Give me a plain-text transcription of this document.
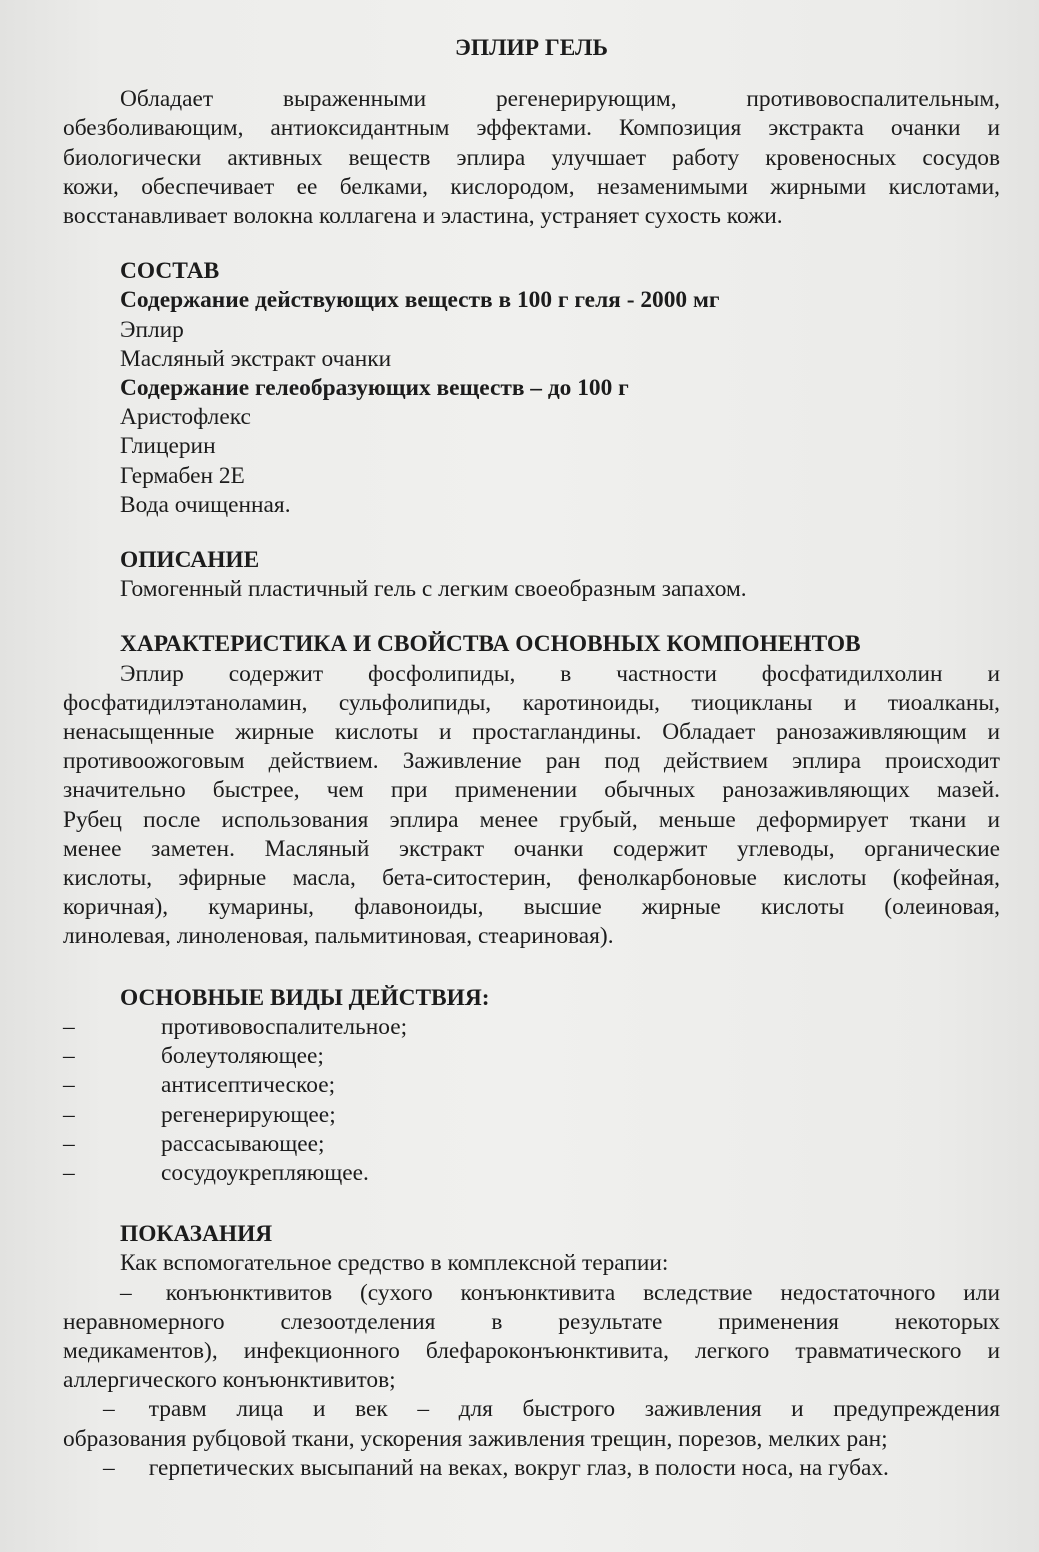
ЭПЛИР ГЕЛЬ

Обладает выраженными регенерирующим, противовоспалительным,

обезболивающим, антиоксидантным эффектами. Композиция экстракта очанки и

биологически активных веществ эплира улучшает работу кровеносных сосудов

кожи, обеспечивает ее белками, кислородом, незаменимыми жирными кислотами,

восстанавливает волокна коллагена и эластина, устраняет сухость кожи.

СОСТАВ

Содержание действующих веществ в 100 г геля - 2000 мг

Эплир

Масляный экстракт очанки

Содержание гелеобразующих веществ – до 100 г

Аристофлекс

Глицерин

Гермабен 2Е

Вода очищенная.

ОПИСАНИЕ

Гомогенный пластичный гель с легким своеобразным запахом.

ХАРАКТЕРИСТИКА И СВОЙСТВА ОСНОВНЫХ КОМПОНЕНТОВ

Эплир содержит фосфолипиды, в частности фосфатидилхолин и

фосфатидилэтаноламин, сульфолипиды, каротиноиды, тиоцикланы и тиоалканы,

ненасыщенные жирные кислоты и простагландины. Обладает ранозаживляющим и

противоожоговым действием. Заживление ран под действием эплира происходит

значительно быстрее, чем при применении обычных ранозаживляющих мазей.

Рубец после использования эплира менее грубый, меньше деформирует ткани и

менее заметен. Масляный экстракт очанки содержит углеводы, органические

кислоты, эфирные масла, бета-ситостерин, фенолкарбоновые кислоты (кофейная,

коричная), кумарины, флавоноиды, высшие жирные кислоты (олеиновая,

линолевая, линоленовая, пальмитиновая, стеариновая).

ОСНОВНЫЕ ВИДЫ ДЕЙСТВИЯ:

–	противовоспалительное;
–	болеутоляющее;
–	антисептическое;
–	регенерирующее;
–	рассасывающее;
–	сосудоукрепляющее.

ПОКАЗАНИЯ

Как вспомогательное средство в комплексной терапии:

– конъюнктивитов (сухого конъюнктивита вследствие недостаточного или

неравномерного слезоотделения в результате применения некоторых

медикаментов), инфекционного блефароконъюнктивита, легкого травматического и

аллергического конъюнктивитов;

– травм лица и век – для быстрого заживления и предупреждения

образования рубцовой ткани, ускорения заживления трещин, порезов, мелких ран;

– герпетических высыпаний на веках, вокруг глаз, в полости носа, на губах.
